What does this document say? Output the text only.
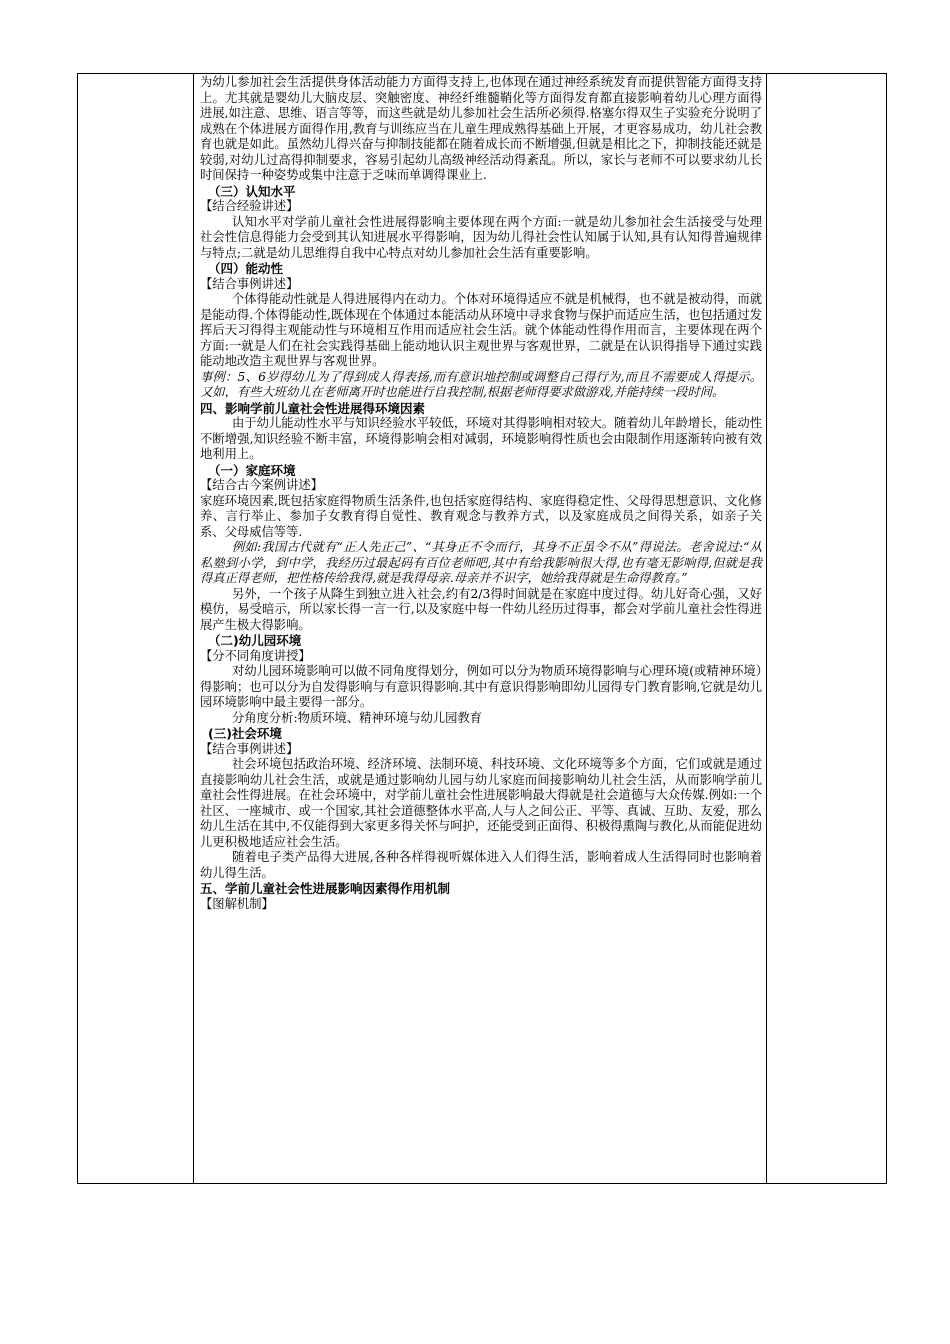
为幼儿参加社会生活提供身体活动能力方面得支持上,也体现在通过神经系统发育而提供智能方面得支持上。尤其就是婴幼儿大脑皮层、突触密度、神经纤维髓鞘化等方面得发育都直接影响着幼儿心理方面得进展,如注意、思维、语言等等，而这些就是幼儿参加社会生活所必须得.格塞尔得双生子实验充分说明了成熟在个体进展方面得作用,教育与训练应当在儿童生理成熟得基础上开展，才更容易成功，幼儿社会教育也就是如此。虽然幼儿得兴奋与抑制技能都在随着成长而不断增强,但就是相比之下，抑制技能还就是较弱,对幼儿过高得抑制要求，容易引起幼儿高级神经活动得紊乱。所以，家长与老师不可以要求幼儿长时间保持一种姿势或集中注意于乏味而单调得课业上.

（三）认知水平

【结合经验讲述】

认知水平对学前儿童社会性进展得影响主要体现在两个方面:一就是幼儿参加社会生活接受与处理社会性信息得能力会受到其认知进展水平得影响，因为幼儿得社会性认知属于认知,具有认知得普遍规律与特点;二就是幼儿思维得自我中心特点对幼儿参加社会生活有重要影响。

（四）能动性

【结合事例讲述】

个体得能动性就是人得进展得内在动力。个体对环境得适应不就是机械得，也不就是被动得，而就是能动得.个体得能动性,既体现在个体通过本能活动从环境中寻求食物与保护而适应生活，也包括通过发挥后天习得得主观能动性与环境相互作用而适应社会生活。就个体能动性得作用而言，主要体现在两个方面:一就是人们在社会实践得基础上能动地认识主观世界与客观世界，二就是在认识得指导下通过实践能动地改造主观世界与客观世界。

事例：5、6岁得幼儿为了得到成人得表扬,而有意识地控制或调整自己得行为,而且不需要成人得提示。又如，有些大班幼儿在老师离开时也能进行自我控制,根据老师得要求做游戏,并能持续一段时间。

四、影响学前儿童社会性进展得环境因素

由于幼儿能动性水平与知识经验水平较低，环境对其得影响相对较大。随着幼儿年龄增长，能动性不断增强,知识经验不断丰富，环境得影响会相对减弱，环境影响得性质也会由限制作用逐渐转向被有效地利用上。

（一）家庭环境

【结合古今案例讲述】

家庭环境因素,既包括家庭得物质生活条件,也包括家庭得结构、家庭得稳定性、父母得思想意识、文化修养、言行举止、参加子女教育得自觉性、教育观念与教养方式，以及家庭成员之间得关系，如亲子关系、父母威信等等.

例如:我国古代就有“正人先正己”、“其身正不令而行，其身不正虽令不从”得说法。老舍说过:“从私塾到小学，到中学，我经历过最起码有百位老师吧,其中有给我影响很大得,也有毫无影响得,但就是我得真正得老师，把性格传给我得,就是我得母亲.母亲并不识字，她给我得就是生命得教育。”

另外，一个孩子从降生到独立进入社会,约有2/3得时间就是在家庭中度过得。幼儿好奇心强，又好模仿，易受暗示，所以家长得一言一行,以及家庭中每一件幼儿经历过得事，都会对学前儿童社会性得进展产生极大得影响。

（二)幼儿园环境

【分不同角度讲授】

对幼儿园环境影响可以做不同角度得划分，例如可以分为物质环境得影响与心理环境(或精神环境）得影响；也可以分为自发得影响与有意识得影响.其中有意识得影响即幼儿园得专门教育影响,它就是幼儿园环境影响中最主要得一部分。

分角度分析:物质环境、精神环境与幼儿园教育

(三)社会环境

【结合事例讲述】

社会环境包括政治环境、经济环境、法制环境、科技环境、文化环境等多个方面，它们或就是通过直接影响幼儿社会生活，或就是通过影响幼儿园与幼儿家庭而间接影响幼儿社会生活，从而影响学前儿童社会性得进展。在社会环境中，对学前儿童社会性进展影响最大得就是社会道德与大众传媒.例如:一个社区、一座城市、或一个国家,其社会道德整体水平高,人与人之间公正、平等、真诚、互助、友爱，那么幼儿生活在其中,不仅能得到大家更多得关怀与呵护，还能受到正面得、积极得熏陶与教化,从而能促进幼儿更积极地适应社会生活。

随着电子类产品得大进展,各种各样得视听媒体进入人们得生活，影响着成人生活得同时也影响着幼儿得生活。

五、学前儿童社会性进展影响因素得作用机制

【图解机制】
